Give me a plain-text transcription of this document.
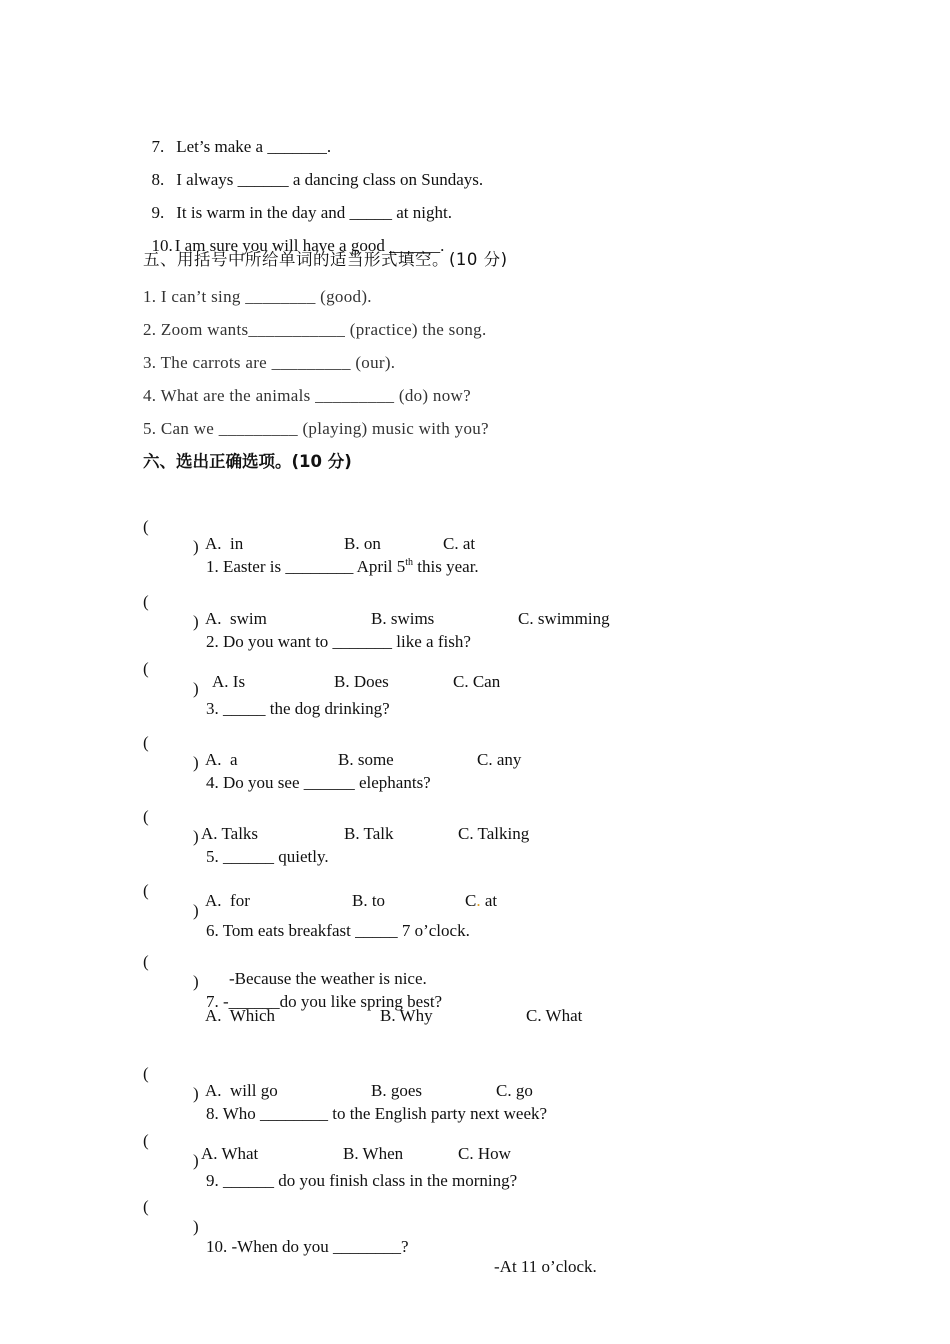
7. Let’s make a _______.

8. I always ______ a dancing class on Sundays.

9. It is warm in the day and _____ at night.

10. I am sure you will have a good ______.

五、用括号中所给单词的适当形式填空。(10 分)
1. I can’t sing ________ (good).
2. Zoom wants___________ (practice) the song.
3. The carrots are _________ (our).
4. What are the animals _________ (do) now?
5. Can we _________ (playing) music with you?
六、选出正确选项。(10 分)

(

)

1. Easter is ________ April 5th this year.

A.  in	B. on	C. at

(

)

2. Do you want to _______ like a fish?

A.  swim	B. swims	C. swimming

(

)

3. _____ the dog drinking?

A. Is	B. Does	C. Can

(

)

4. Do you see ______ elephants?

A.  a	B. some	C. any

(

)

5. ______ quietly.

A. Talks	B. Talk	C. Talking

(

)

6. Tom eats breakfast _____ 7 o’clock.

A.  for	B. to	C. at

(

)

7. -______do you like spring best?

-Because the weather is nice.
A.  Which	B. Why	C. What

(

)

8. Who ________ to the English party next week?

A.  will go	B. goes	C. go

(

)

9. ______ do you finish class in the morning?

A. What	B. When	C. How

(

)

10. -When do you ________?

-At 11 o’clock.
